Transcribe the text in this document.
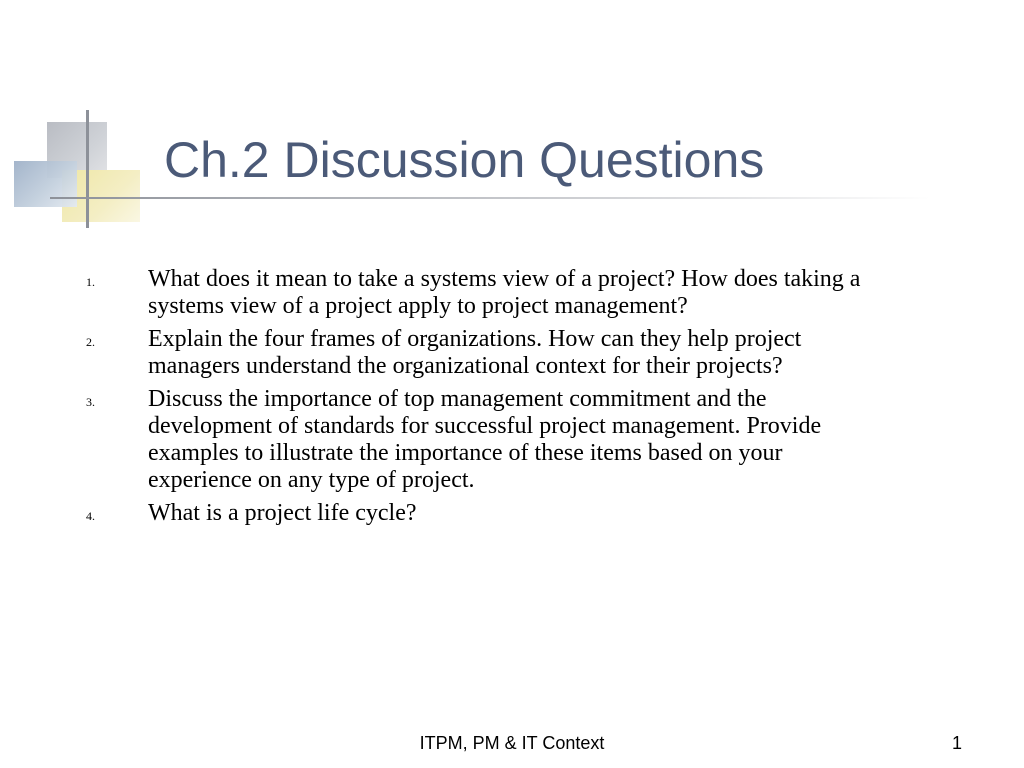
Ch.2 Discussion Questions
1. What does it mean to take a systems view of a project? How does taking a systems view of a project apply to project management?
2. Explain the four frames of organizations. How can they help project managers understand the organizational context for their projects?
3. Discuss the importance of top management commitment and the development of standards for successful project management. Provide examples to illustrate the importance of these items based on your experience on any type of project.
4. What is a project life cycle?
ITPM, PM & IT Context	1
